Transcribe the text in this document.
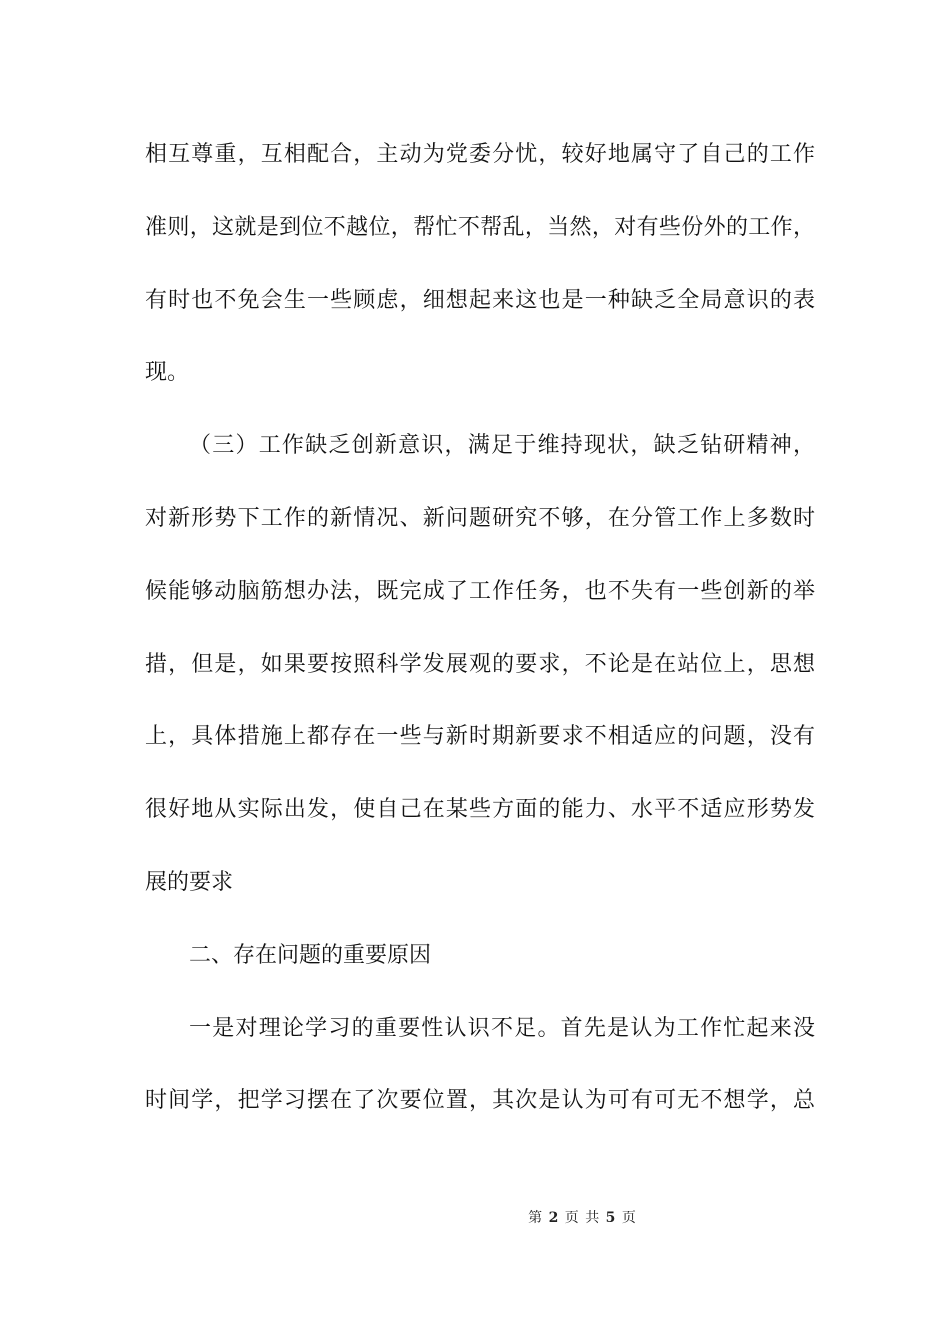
相互尊重，互相配合，主动为党委分忧，较好地属守了自己的工作
准则，这就是到位不越位，帮忙不帮乱，当然，对有些份外的工作，
有时也不免会生一些顾虑，细想起来这也是一种缺乏全局意识的表
现。
（三）工作缺乏创新意识，满足于维持现状，缺乏钻研精神，
对新形势下工作的新情况、新问题研究不够，在分管工作上多数时
候能够动脑筋想办法，既完成了工作任务，也不失有一些创新的举
措，但是，如果要按照科学发展观的要求，不论是在站位上，思想
上，具体措施上都存在一些与新时期新要求不相适应的问题，没有
很好地从实际出发，使自己在某些方面的能力、水平不适应形势发
展的要求
二、存在问题的重要原因
一是对理论学习的重要性认识不足。首先是认为工作忙起来没
时间学，把学习摆在了次要位置，其次是认为可有可无不想学，总
第 2 页 共 5 页
